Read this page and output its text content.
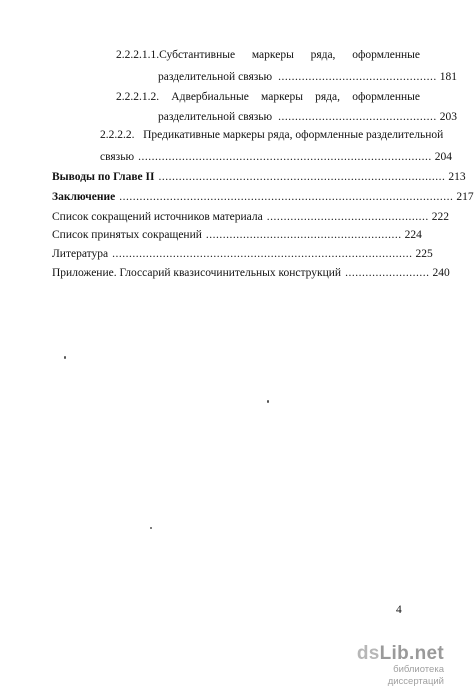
2.2.2.1.1.Субстантивные маркеры ряда, оформленные
разделительной связью ............................................... 181
2.2.2.1.2. Адвербиальные маркеры ряда, оформленные
разделительной связью ............................................... 203
2.2.2.2.   Предикативные маркеры ряда, оформленные разделительной
связью ....................................................................................... 204
Выводы по Главе II ..................................................................................... 213
Заключение ................................................................................................... 217
Список сокращений источников материала ................................................ 222
Список принятых сокращений .......................................................... 224
Литература ......................................................................................... 225
Приложение. Глоссарий квазисочинительных конструкций ......................... 240
4
dsLib.net
библиотека диссертаций
